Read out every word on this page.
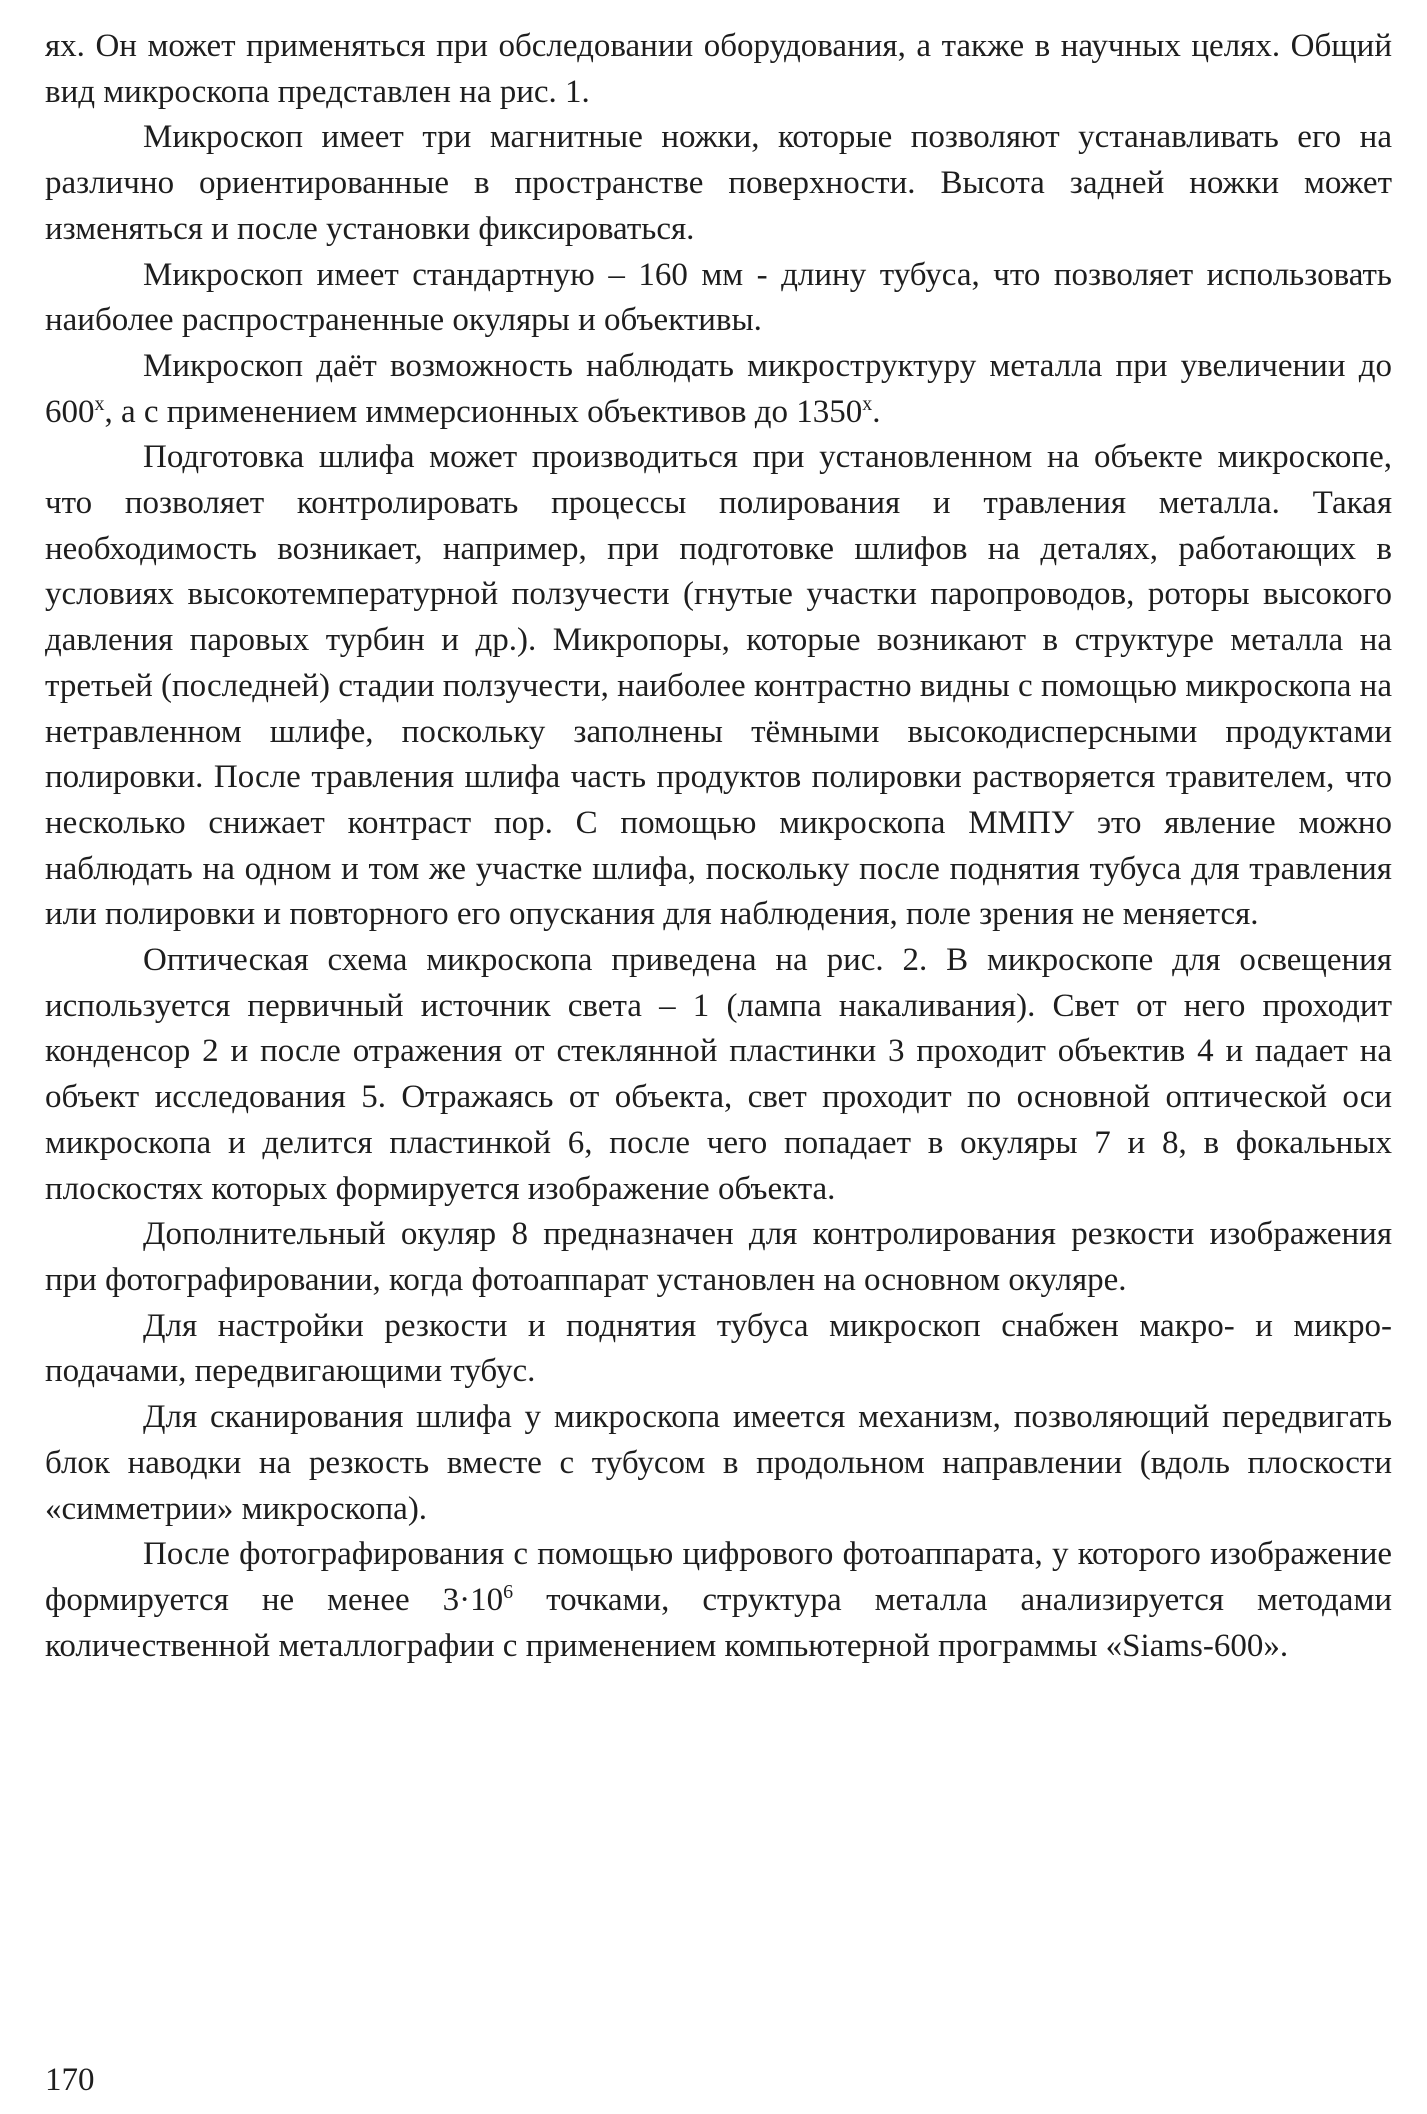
ях. Он может применяться при обследовании оборудования, а также в научных целях. Общий вид микроскопа представлен на рис. 1.

Микроскоп имеет три магнитные ножки, которые позволяют устанавливать его на различно ориентированные в пространстве поверхности. Высота задней ножки может изменяться и после установки фиксироваться.

Микроскоп имеет стандартную – 160 мм - длину тубуса, что позволяет использовать наиболее распространенные окуляры и объективы.

Микроскоп даёт возможность наблюдать микроструктуру металла при увеличении до $600^х$, а с применением иммерсионных объективов до $1350^х$.

Подготовка шлифа может производиться при установленном на объекте микроскопе, что позволяет контролировать процессы полирования и травления металла. Такая необходимость возникает, например, при подготовке шлифов на деталях, работающих в условиях высокотемпературной ползучести (гнутые участки паропроводов, роторы высокого давления паровых турбин и др.). Микропоры, которые возникают в структуре металла на третьей (последней) стадии ползучести, наиболее контрастно видны с помощью микроскопа на нетравленном шлифе, поскольку заполнены тёмными высокодисперсными продуктами полировки. После травления шлифа часть продуктов полировки растворяется травителем, что несколько снижает контраст пор. С помощью микроскопа ММПУ это явление можно наблюдать на одном и том же участке шлифа, поскольку после поднятия тубуса для травления или полировки и повторного его опускания для наблюдения, поле зрения не меняется.

Оптическая схема микроскопа приведена на рис. 2. В микроскопе для освещения используется первичный источник света – 1 (лампа накаливания). Свет от него проходит конденсор 2 и после отражения от стеклянной пластинки 3 проходит объектив 4 и падает на объект исследования 5. Отражаясь от объекта, свет проходит по основной оптической оси микроскопа и делится пластинкой 6, после чего попадает в окуляры 7 и 8, в фокальных плоскостях которых формируется изображение объекта.

Дополнительный окуляр 8 предназначен для контролирования резкости изображения при фотографировании, когда фотоаппарат установлен на основном окуляре.

Для настройки резкости и поднятия тубуса микроскоп снабжен макро- и микро-подачами, передвигающими тубус.

Для сканирования шлифа у микроскопа имеется механизм, позволяющий передвигать блок наводки на резкость вместе с тубусом в продольном направлении (вдоль плоскости «симметрии» микроскопа).

После фотографирования с помощью цифрового фотоаппарата, у которого изображение формируется не менее $3\cdot 10^6$ точками, структура металла анализируется методами количественной металлографии с применением компьютерной программы «Siams-600».

170
